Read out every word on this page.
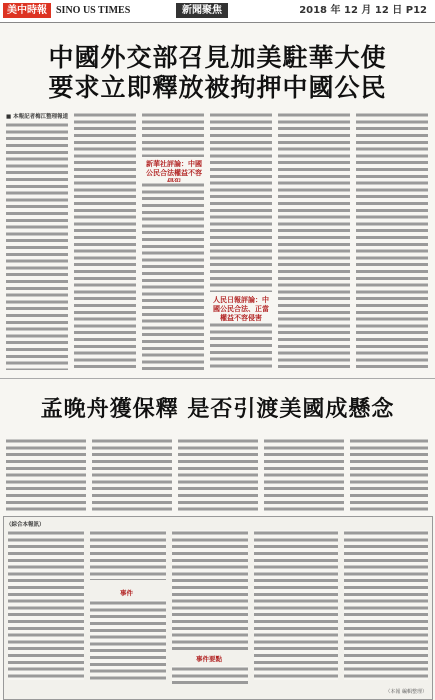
美中時報 SINO US TIMES	新聞聚焦	2018 年 12 月 12 日 P12
中國外交部召見加美駐華大使
要求立即釋放被拘押中國公民
■ 本報記者梅江整理報道
新華社評論：中國公民合法權益不容
人民日報評論：中國公民合法、正當權益不容侵害
孟晚舟獲保釋 是否引渡美國成懸念
（綜合本報訊）
事件
事件要點
（本報 編輯整理）
